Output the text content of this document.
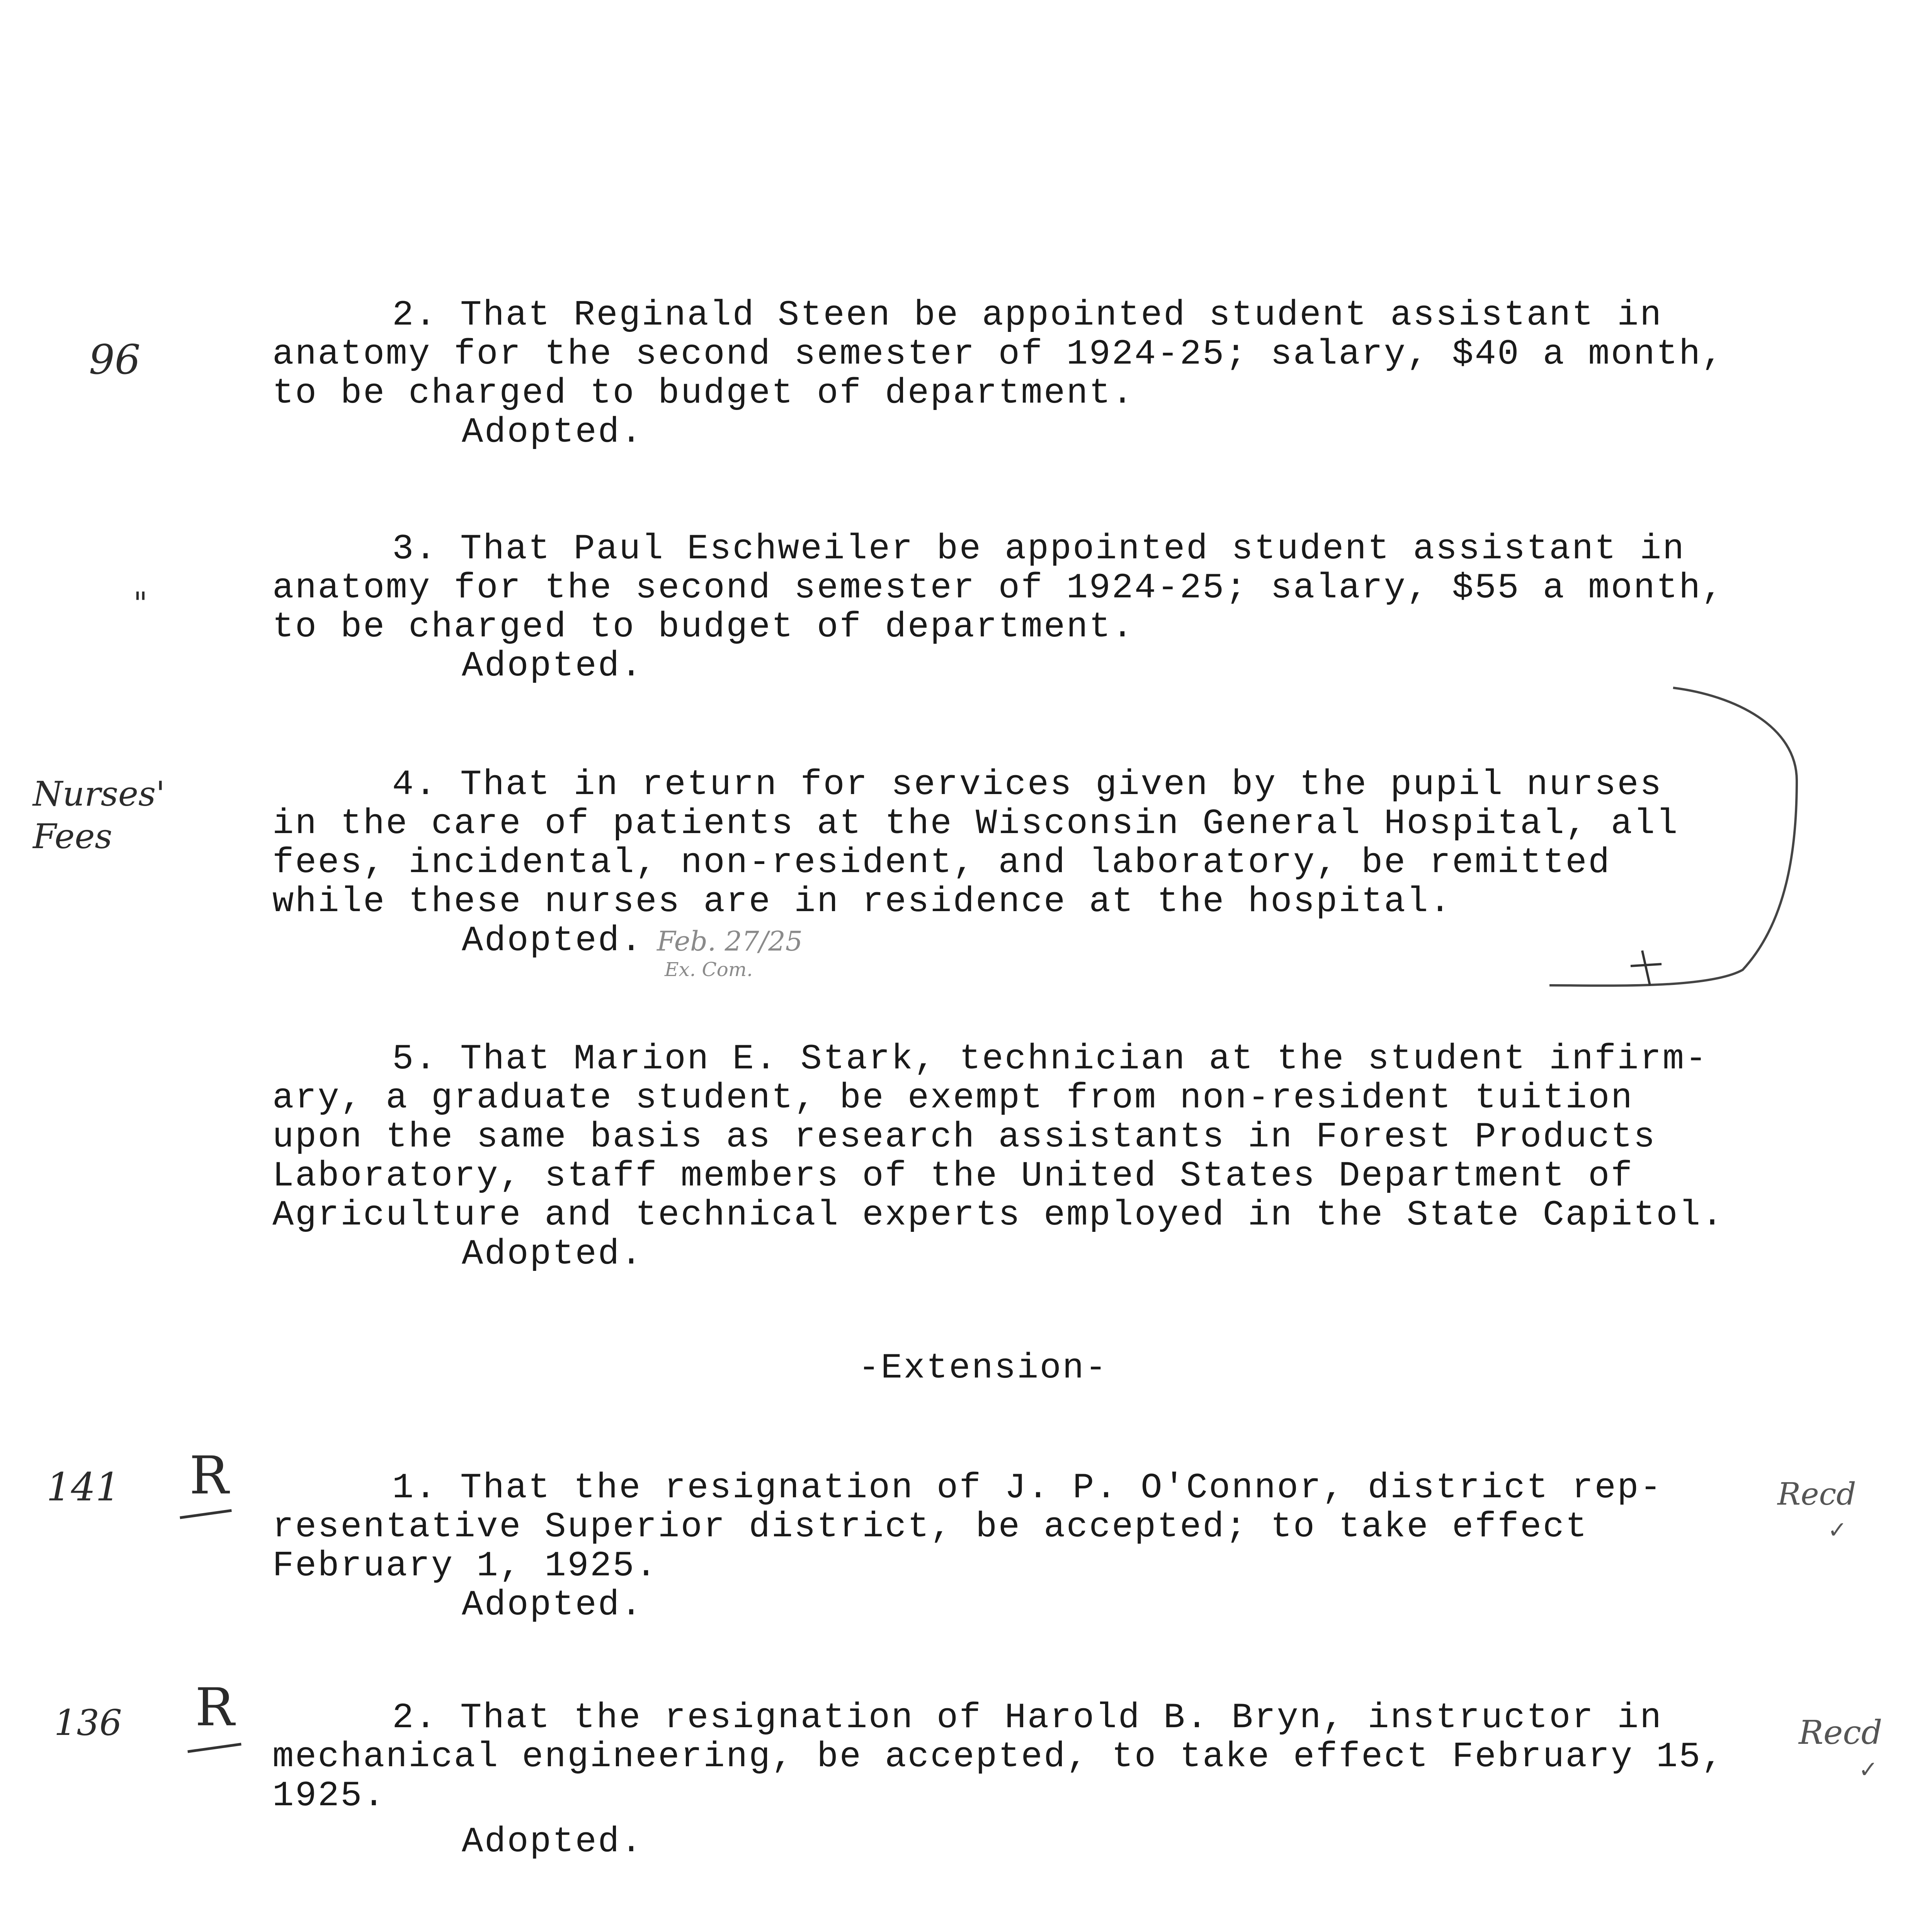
2. That Reginald Steen be appointed student assistant in
anatomy for the second semester of 1924-25; salary, $40 a month,
to be charged to budget of department.
Adopted.
3. That Paul Eschweiler be appointed student assistant in
anatomy for the second semester of 1924-25; salary, $55 a month,
to be charged to budget of department.
Adopted.
4. That in return for services given by the pupil nurses
in the care of patients at the Wisconsin General Hospital, all
fees, incidental, non-resident, and laboratory, be remitted
while these nurses are in residence at the hospital.
Adopted.
5. That Marion E. Stark, technician at the student infirm-
ary, a graduate student, be exempt from non-resident tuition
upon the same basis as research assistants in Forest Products
Laboratory, staff members of the United States Department of
Agriculture and technical experts employed in the State Capitol.
Adopted.
-Extension-
1. That the resignation of J. P. O'Connor, district rep-
resentative Superior district, be accepted; to take effect
February 1, 1925.
Adopted.
2. That the resignation of Harold B. Bryn, instructor in
mechanical engineering, be accepted, to take effect February 15,
1925.
Adopted.
96
"
Nurses'
Fees
141
136
R
R
Recd
✓
Recd
✓
Feb. 27/25
Ex. Com.
